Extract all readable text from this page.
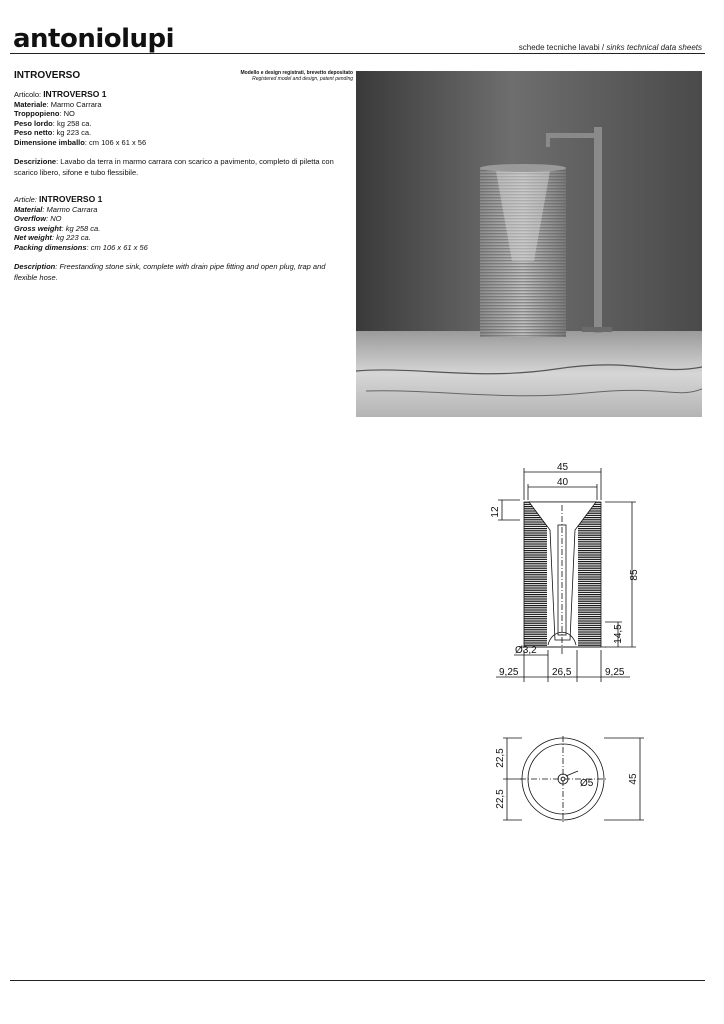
antoniolupi	schede tecniche lavabi / sinks technical data sheets
INTROVERSO	Modello e design registrati, brevetto depositato
Registered model and design, patent pending
Articolo: INTROVERSO 1
Materiale: Marmo Carrara
Troppopieno: NO
Peso lordo: kg 258 ca.
Peso netto: kg 223 ca.
Dimensione imballo: cm 106 x 61 x 56
Descrizione: Lavabo da terra in marmo carrara con scarico a pavimento, completo di piletta con scarico libero, sifone e tubo flessibile.
Article: INTROVERSO 1
Material: Marmo Carrara
Overflow: NO
Gross weight: kg 258 ca.
Net weight: kg 223 ca.
Packing dimensions: cm 106 x 61 x 56
Description: Freestanding stone sink, complete with drain pipe fitting and open plug, trap and flexible hose.
45
40
12
85
14,5
Ø3,2
9,25	26,5	9,25
22,5
22,5
45
Ø5
